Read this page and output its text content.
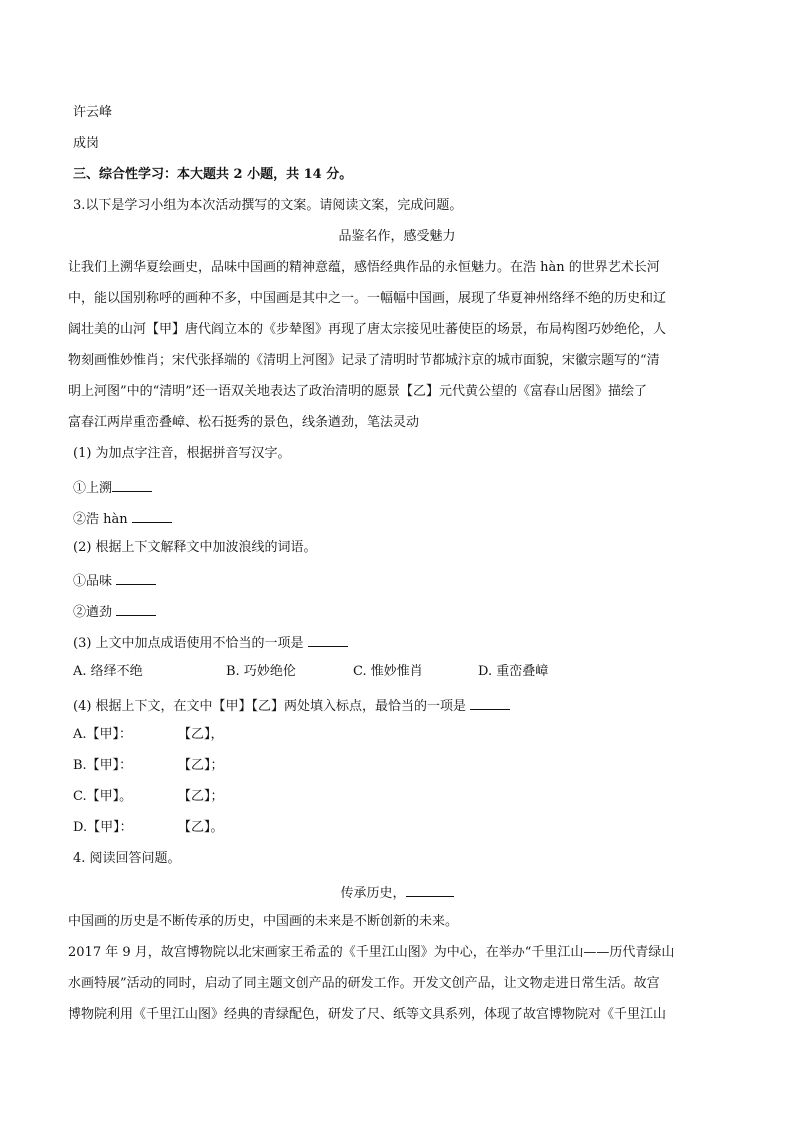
许云峰
成岗
三、综合性学习：本大题共 2 小题，共 14 分。
3.以下是学习小组为本次活动撰写的文案。请阅读文案，完成问题。
品鉴名作，感受魅力
让我们上溯华夏绘画史，品味中国画的精神意蕴，感悟经典作品的永恒魅力。在浩 hàn 的世界艺术长河
中，能以国别称呼的画种不多，中国画是其中之一。一幅幅中国画，展现了华夏神州络绎不绝的历史和辽
阔壮美的山河【甲】唐代阎立本的《步辇图》再现了唐太宗接见吐蕃使臣的场景，布局构图巧妙绝伦，人
物刻画惟妙惟肖；宋代张择端的《清明上河图》记录了清明时节都城汴京的城市面貌，宋徽宗题写的“清
明上河图”中的“清明”还一语双关地表达了政治清明的愿景【乙】元代黄公望的《富春山居图》描绘了
富春江两岸重峦叠嶂、松石挺秀的景色，线条遒劲，笔法灵动
(1) 为加点字注音，根据拼音写汉字。
①上溯
②浩 hàn
(2) 根据上下文解释文中加波浪线的词语。
①品味
②遒劲
(3) 上文中加点成语使用不恰当的一项是
A. 络绎不绝	B. 巧妙绝伦	C. 惟妙惟肖	D. 重峦叠嶂
(4) 根据上下文，在文中【甲】【乙】两处填入标点，最恰当的一项是
A.【甲】：	【乙】，
B.【甲】：	【乙】；
C.【甲】。	【乙】；
D.【甲】：	【乙】。
4. 阅读回答问题。
传承历史，
中国画的历史是不断传承的历史，中国画的未来是不断创新的未来。
2017 年 9 月，故宫博物院以北宋画家王希孟的《千里江山图》为中心，在举办“千里江山——历代青绿山
水画特展”活动的同时，启动了同主题文创产品的研发工作。开发文创产品，让文物走进日常生活。故宫
博物院利用《千里江山图》经典的青绿配色，研发了尺、纸等文具系列，体现了故宫博物院对《千里江山
